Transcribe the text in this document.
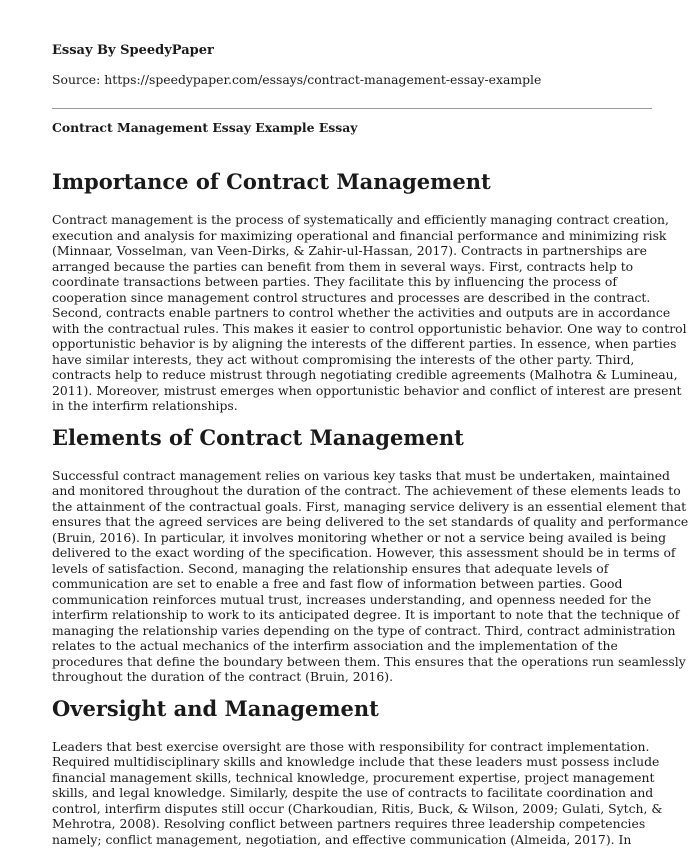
Essay By SpeedyPaper
Source: https://speedypaper.com/essays/contract-management-essay-example
Contract Management Essay Example Essay
Importance of Contract Management

Contract management is the process of systematically and efficiently managing contract creation,
execution and analysis for maximizing operational and financial performance and minimizing risk
(Minnaar, Vosselman, van Veen-Dirks, & Zahir-ul-Hassan, 2017). Contracts in partnerships are
arranged because the parties can benefit from them in several ways. First, contracts help to
coordinate transactions between parties. They facilitate this by influencing the process of
cooperation since management control structures and processes are described in the contract.
Second, contracts enable partners to control whether the activities and outputs are in accordance
with the contractual rules. This makes it easier to control opportunistic behavior. One way to control
opportunistic behavior is by aligning the interests of the different parties. In essence, when parties
have similar interests, they act without compromising the interests of the other party. Third,
contracts help to reduce mistrust through negotiating credible agreements (Malhotra & Lumineau,
2011). Moreover, mistrust emerges when opportunistic behavior and conflict of interest are present
in the interfirm relationships.

Elements of Contract Management

Successful contract management relies on various key tasks that must be undertaken, maintained
and monitored throughout the duration of the contract. The achievement of these elements leads to
the attainment of the contractual goals. First, managing service delivery is an essential element that
ensures that the agreed services are being delivered to the set standards of quality and performance
(Bruin, 2016). In particular, it involves monitoring whether or not a service being availed is being
delivered to the exact wording of the specification. However, this assessment should be in terms of
levels of satisfaction. Second, managing the relationship ensures that adequate levels of
communication are set to enable a free and fast flow of information between parties. Good
communication reinforces mutual trust, increases understanding, and openness needed for the
interfirm relationship to work to its anticipated degree. It is important to note that the technique of
managing the relationship varies depending on the type of contract. Third, contract administration
relates to the actual mechanics of the interfirm association and the implementation of the
procedures that define the boundary between them. This ensures that the operations run seamlessly
throughout the duration of the contract (Bruin, 2016).

Oversight and Management

Leaders that best exercise oversight are those with responsibility for contract implementation.
Required multidisciplinary skills and knowledge include that these leaders must possess include
financial management skills, technical knowledge, procurement expertise, project management
skills, and legal knowledge. Similarly, despite the use of contracts to facilitate coordination and
control, interfirm disputes still occur (Charkoudian, Ritis, Buck, & Wilson, 2009; Gulati, Sytch, &
Mehrotra, 2008). Resolving conflict between partners requires three leadership competencies
namely; conflict management, negotiation, and effective communication (Almeida, 2017). In
